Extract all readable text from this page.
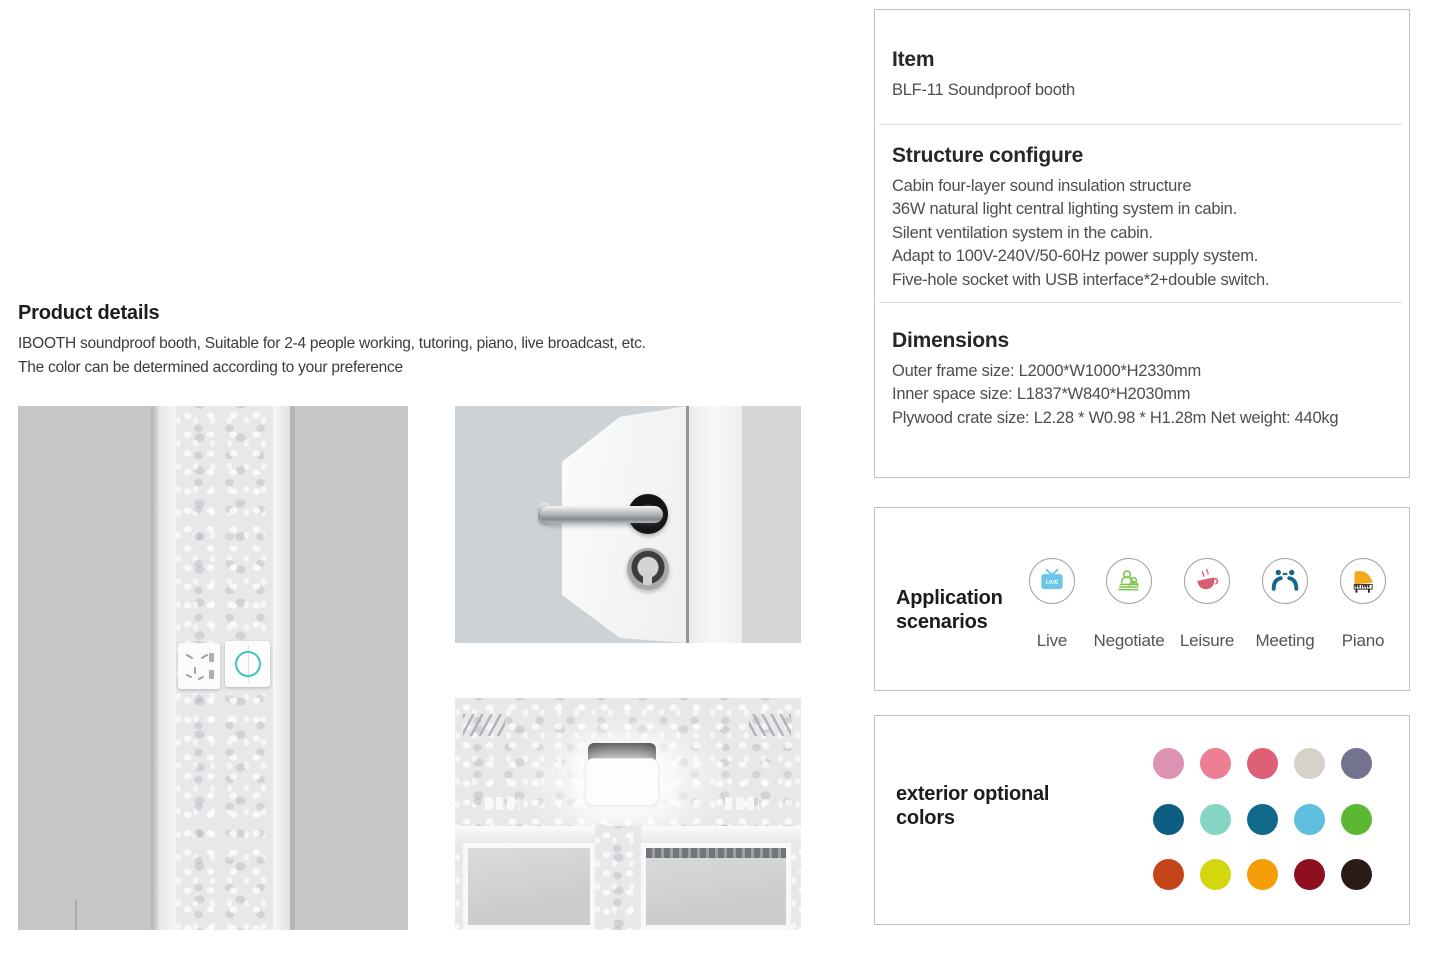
Product details
IBOOTH soundproof booth, Suitable for 2-4 people working, tutoring, piano, live broadcast, etc.
The color can be determined according to your preference
Item
BLF-11 Soundproof booth
Structure configure
Cabin four-layer sound insulation structure
36W natural light central lighting system in cabin.
Silent ventilation system in the cabin.
Adapt to 100V-240V/50-60Hz power supply system.
Five-hole socket with USB interface*2+double switch.
Dimensions
Outer frame size: L2000*W1000*H2330mm
Inner space size: L1837*W840*H2030mm
Plywood crate size: L2.28 * W0.98 * H1.28m Net weight: 440kg
Application scenarios
LIVE
Live	Negotiate Leisure	Meeting	Piano
exterior optional colors
